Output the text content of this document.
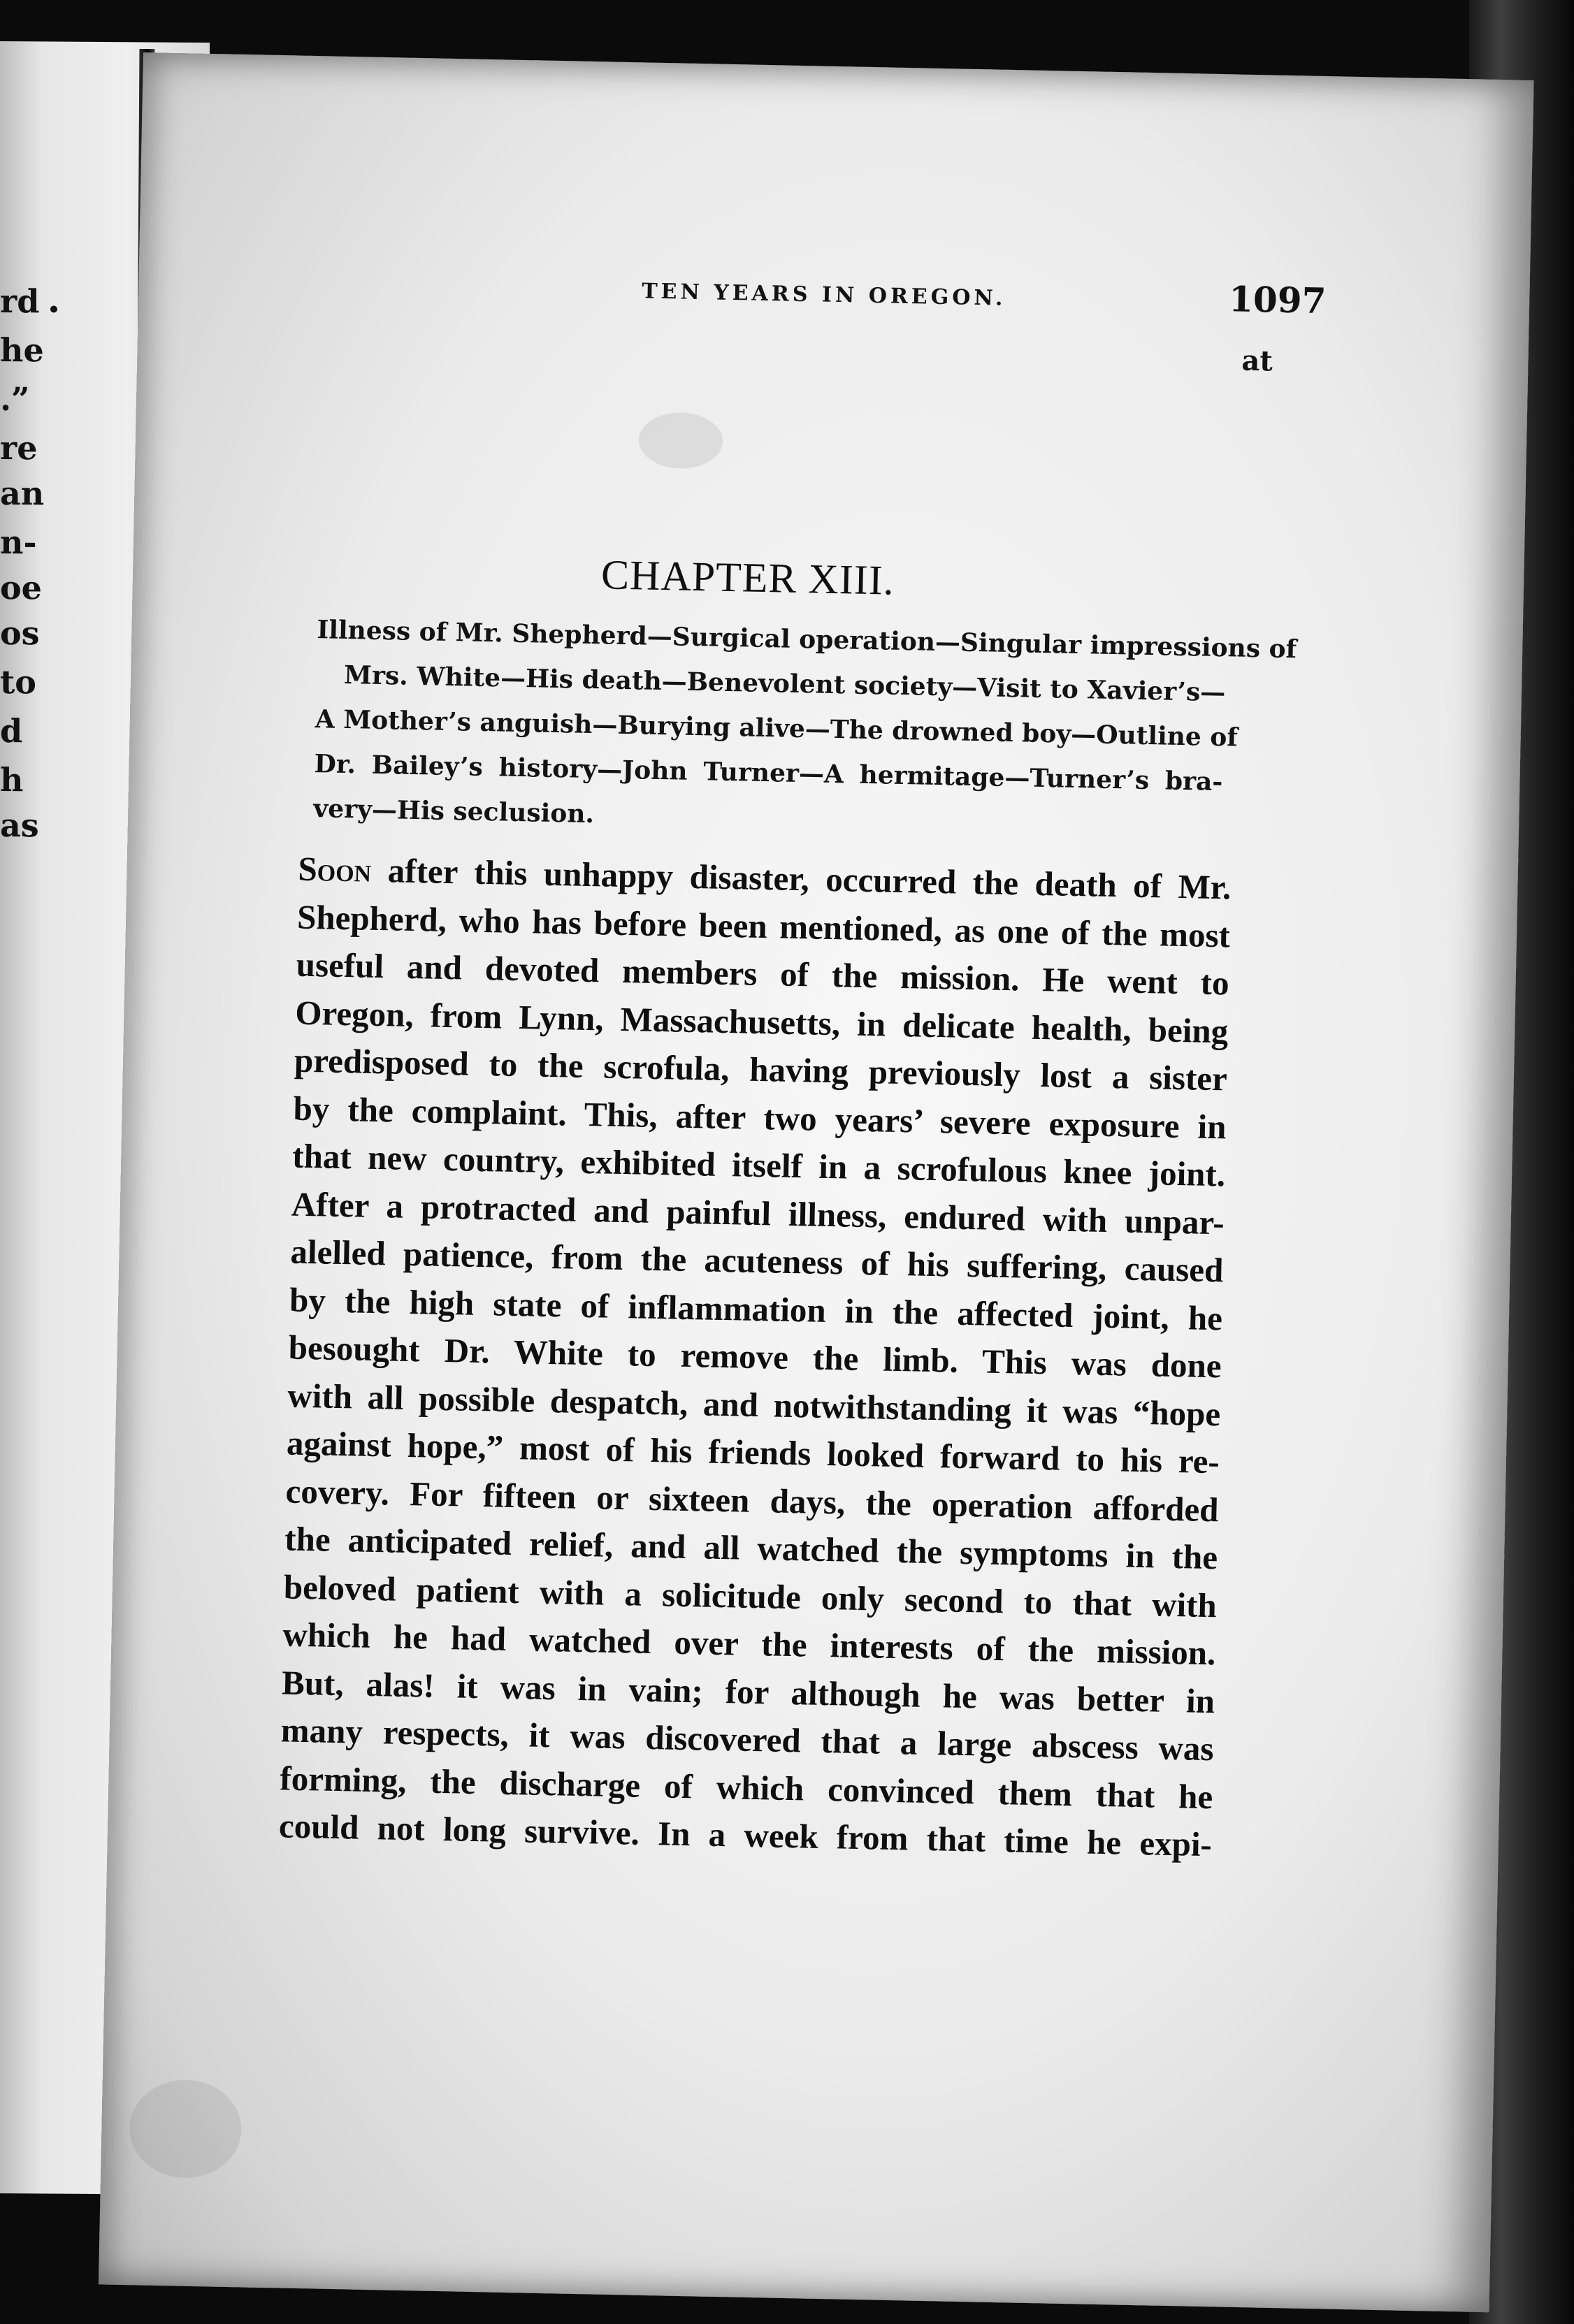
rd
he
.”
re
an
n-
oe
os
to
d
h
as
TEN YEARS IN OREGON.	1097
at
CHAPTER XIII.
Illness of Mr. Shepherd—Surgical operation—Singular impressions of
Mrs. White—His death—Benevolent society—Visit to Xavier’s—
A Mother’s anguish—Burying alive—The drowned boy—Outline of
Dr. Bailey’s history—John Turner—A hermitage—Turner’s bra-
very—His seclusion.
Soon after this unhappy disaster, occurred the death of Mr.
Shepherd, who has before been mentioned, as one of the most
useful and devoted members of the mission. He went to
Oregon, from Lynn, Massachusetts, in delicate health, being
predisposed to the scrofula, having previously lost a sister
by the complaint. This, after two years’ severe exposure in
that new country, exhibited itself in a scrofulous knee joint.
After a protracted and painful illness, endured with unpar-
alelled patience, from the acuteness of his suffering, caused
by the high state of inflammation in the affected joint, he
besought Dr. White to remove the limb. This was done
with all possible despatch, and notwithstanding it was “hope
against hope,” most of his friends looked forward to his re-
covery. For fifteen or sixteen days, the operation afforded
the anticipated relief, and all watched the symptoms in the
beloved patient with a solicitude only second to that with
which he had watched over the interests of the mission.
But, alas! it was in vain; for although he was better in
many respects, it was discovered that a large abscess was
forming, the discharge of which convinced them that he
could not long survive. In a week from that time he expi-
